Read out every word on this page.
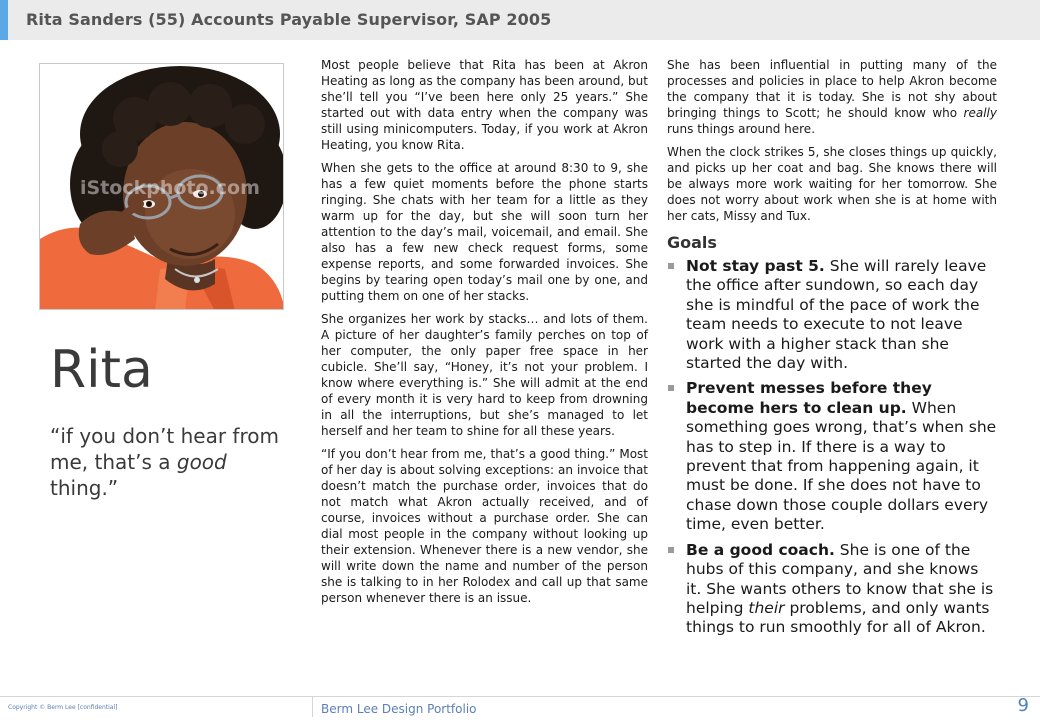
Rita Sanders (55) Accounts Payable Supervisor, SAP 2005
iStockphoto.com
Rita
“if you don’t hear from me, that’s a good thing.”

Most people believe that Rita has been at Akron Heating as long as the company has been around, but she’ll tell you “I’ve been here only 25 years.” She started out with data entry when the company was still using minicomputers. Today, if you work at Akron Heating, you know Rita.

When she gets to the office at around 8:30 to 9, she has a few quiet moments before the phone starts ringing. She chats with her team for a little as they warm up for the day, but she will soon turn her attention to the day’s mail, voicemail, and email. She also has a few new check request forms, some expense reports, and some forwarded invoices. She begins by tearing open today’s mail one by one, and putting them on one of her stacks.

She organizes her work by stacks… and lots of them. A picture of her daughter’s family perches on top of her computer, the only paper free space in her cubicle. She’ll say, “Honey, it’s not your problem. I know where everything is.” She will admit at the end of every month it is very hard to keep from drowning in all the interruptions, but she’s managed to let herself and her team to shine for all these years.

“If you don’t hear from me, that’s a good thing.” Most of her day is about solving exceptions: an invoice that doesn’t match the purchase order, invoices that do not match what Akron actually received, and of course, invoices without a purchase order. She can dial most people in the company without looking up their extension. Whenever there is a new vendor, she will write down the name and number of the person she is talking to in her Rolodex and call up that same person whenever there is an issue.

She has been influential in putting many of the processes and policies in place to help Akron become the company that it is today. She is not shy about bringing things to Scott; he should know who really runs things around here.

When the clock strikes 5, she closes things up quickly, and picks up her coat and bag. She knows there will be always more work waiting for her tomorrow. She does not worry about work when she is at home with her cats, Missy and Tux.

Goals
Not stay past 5. She will rarely leave the office after sundown, so each day she is mindful of the pace of work the team needs to execute to not leave work with a higher stack than she started the day with.
Prevent messes before they become hers to clean up. When something goes wrong, that’s when she has to step in. If there is a way to prevent that from happening again, it must be done. If she does not have to chase down those couple dollars every time, even better.
Be a good coach. She is one of the hubs of this company, and she knows it. She wants others to know that she is helping their problems, and only wants things to run smoothly for all of Akron.
Copyright © Berm Lee [confidential]	Berm Lee Design Portfolio	9
